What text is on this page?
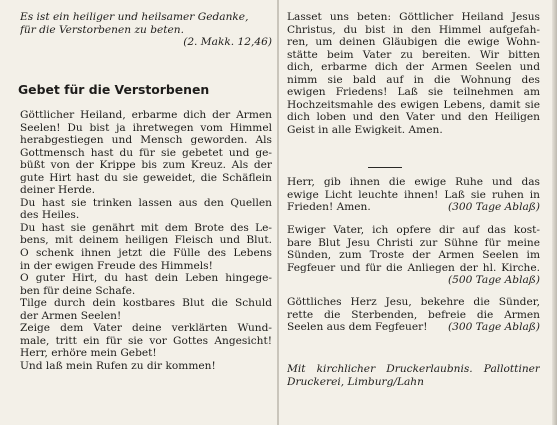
Es ist ein heiliger und heilsamer Gedanke,
für die Verstorbenen zu beten.
(2. Makk. 12,46)
Gebet für die Verstorbenen
Göttlicher Heiland, erbarme dich der Armen
Seelen! Du bist ja ihretwegen vom Himmel
herabgestiegen und Mensch geworden. Als
Gottmensch hast du für sie gebetet und ge-
büßt von der Krippe bis zum Kreuz. Als der
gute Hirt hast du sie geweidet, die Schäflein
deiner Herde.
Du hast sie trinken lassen aus den Quellen
des Heiles.
Du hast sie genährt mit dem Brote des Le-
bens, mit deinem heiligen Fleisch und Blut.
O schenk ihnen jetzt die Fülle des Lebens
in der ewigen Freude des Himmels!
O guter Hirt, du hast dein Leben hingege-
ben für deine Schafe.
Tilge durch dein kostbares Blut die Schuld
der Armen Seelen!
Zeige dem Vater deine verklärten Wund-
male, tritt ein für sie vor Gottes Angesicht!
Herr, erhöre mein Gebet!
Und laß mein Rufen zu dir kommen!
Lasset uns beten: Göttlicher Heiland Jesus
Christus, du bist in den Himmel aufgefah-
ren, um deinen Gläubigen die ewige Wohn-
stätte beim Vater zu bereiten. Wir bitten
dich, erbarme dich der Armen Seelen und
nimm sie bald auf in die Wohnung des
ewigen Friedens! Laß sie teilnehmen am
Hochzeitsmahle des ewigen Lebens, damit sie
dich loben und den Vater und den Heiligen
Geist in alle Ewigkeit. Amen.
Herr, gib ihnen die ewige Ruhe und das
ewige Licht leuchte ihnen! Laß sie ruhen in
Frieden! Amen.	(300 Tage Ablaß)
Ewiger Vater, ich opfere dir auf das kost-
bare Blut Jesu Christi zur Sühne für meine
Sünden, zum Troste der Armen Seelen im
Fegfeuer und für die Anliegen der hl. Kirche.
(500 Tage Ablaß)
Göttliches Herz Jesu, bekehre die Sünder,
rette die Sterbenden, befreie die Armen
Seelen aus dem Fegfeuer! (300 Tage Ablaß)
Mit kirchlicher Druckerlaubnis. Pallottiner
Druckerei, Limburg/Lahn
